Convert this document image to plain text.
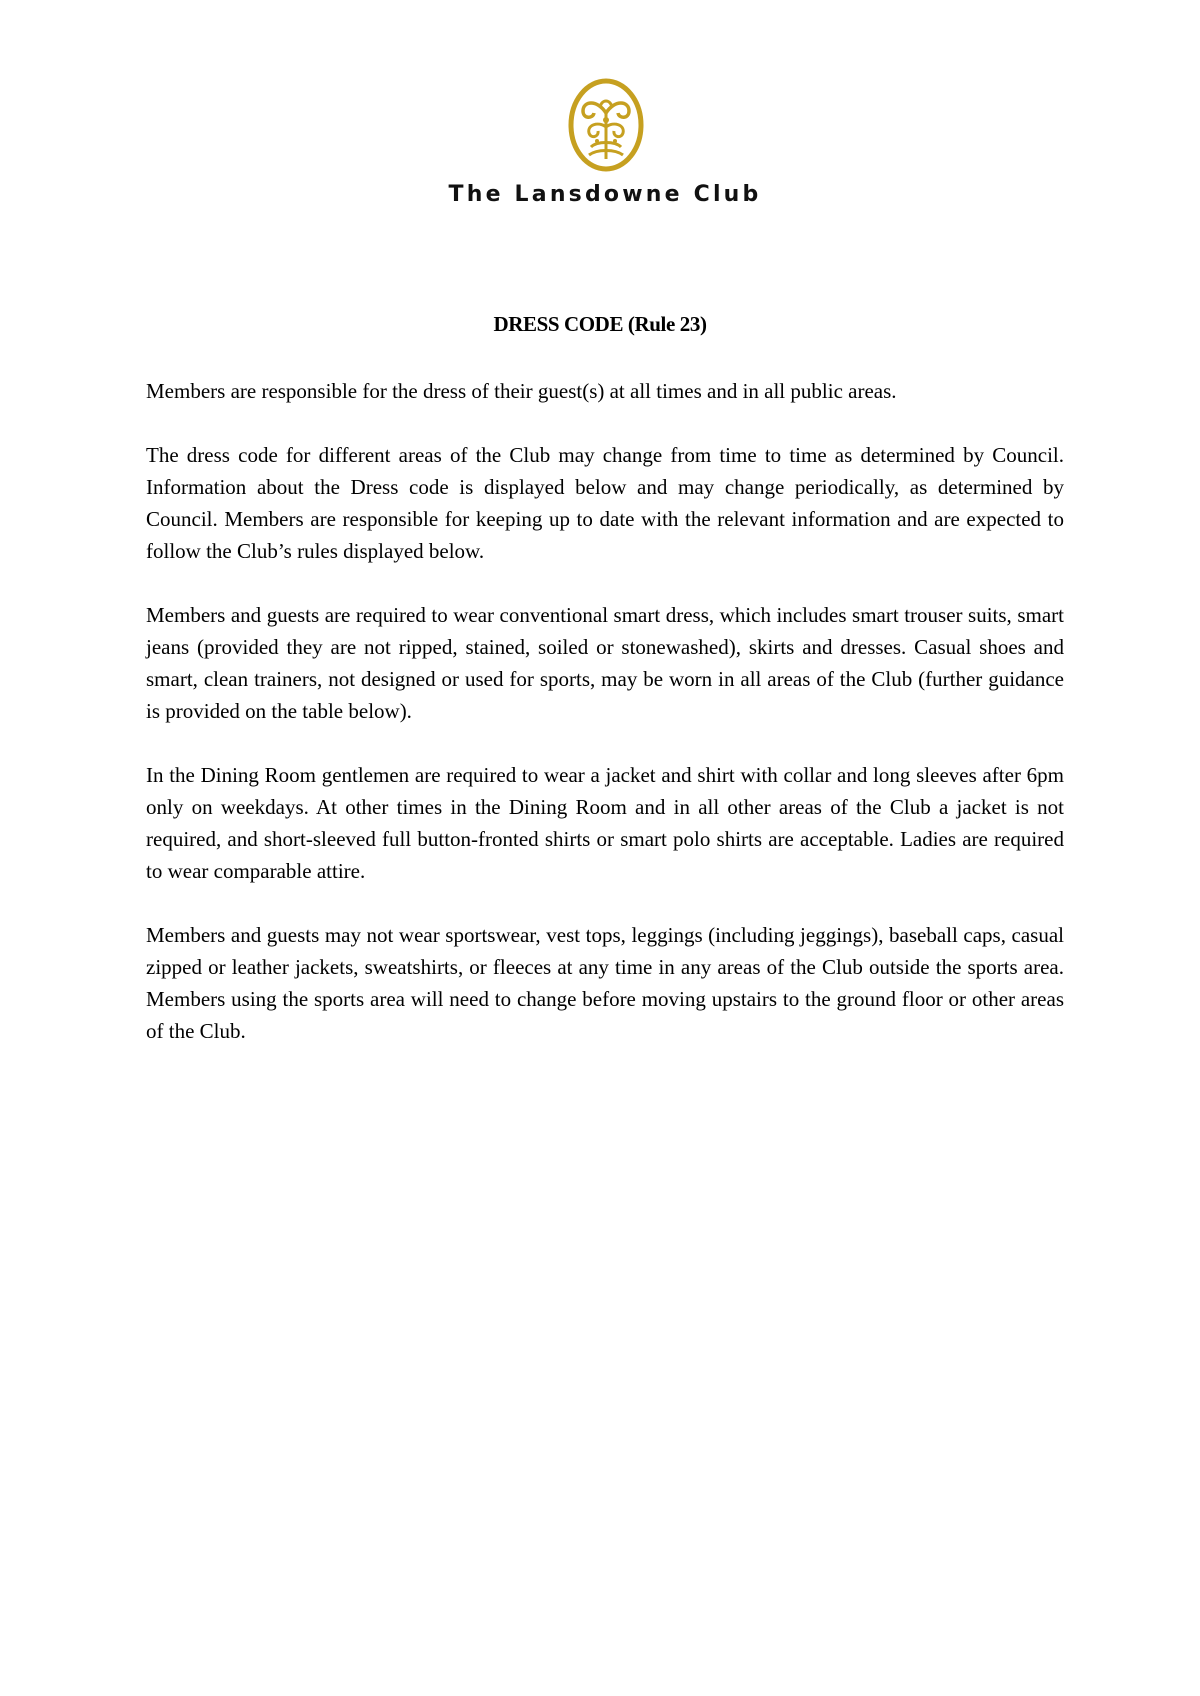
The Lansdowne Club
DRESS CODE (Rule 23)

Members are responsible for the dress of their guest(s) at all times and in all public areas.

The dress code for different areas of the Club may change from time to time as determined by Council. Information about the Dress code is displayed below and may change periodically, as determined by Council. Members are responsible for keeping up to date with the relevant information and are expected to follow the Club’s rules displayed below.

Members and guests are required to wear conventional smart dress, which includes smart trouser suits, smart jeans (provided they are not ripped, stained, soiled or stonewashed), skirts and dresses. Casual shoes and smart, clean trainers, not designed or used for sports, may be worn in all areas of the Club (further guidance is provided on the table below).

In the Dining Room gentlemen are required to wear a jacket and shirt with collar and long sleeves after 6pm only on weekdays. At other times in the Dining Room and in all other areas of the Club a jacket is not required, and short-sleeved full button-fronted shirts or smart polo shirts are acceptable. Ladies are required to wear comparable attire.

Members and guests may not wear sportswear, vest tops, leggings (including jeggings), baseball caps, casual zipped or leather jackets, sweatshirts, or fleeces at any time in any areas of the Club outside the sports area. Members using the sports area will need to change before moving upstairs to the ground floor or other areas of the Club.
